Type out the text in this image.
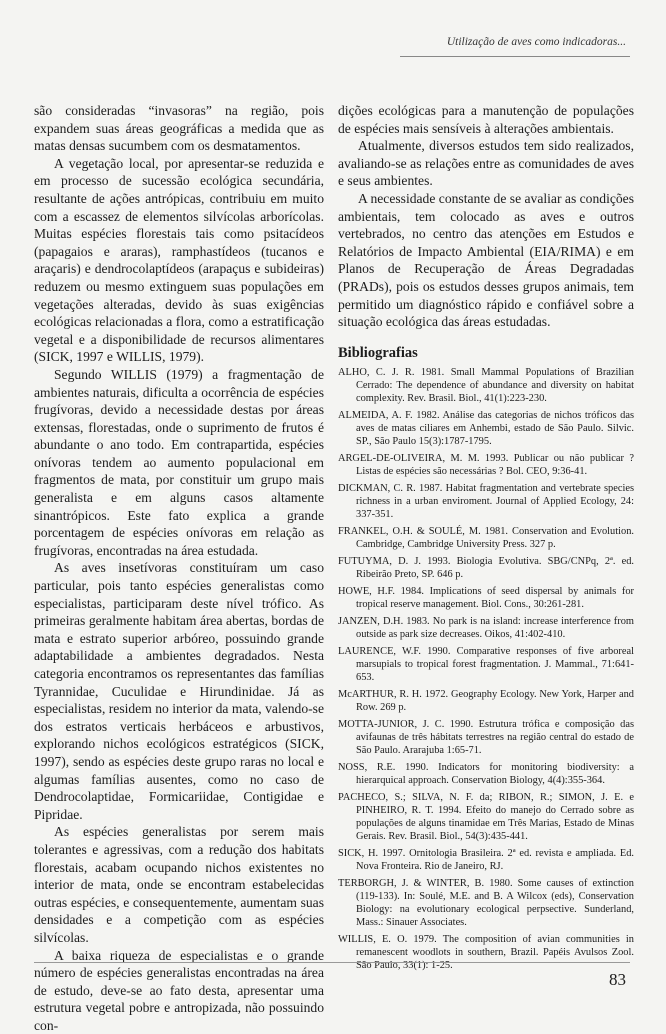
Utilização de aves como indicadoras...

são consideradas “invasoras” na região, pois expandem suas áreas geográficas a medida que as matas densas sucumbem com os desmatamentos.

A vegetação local, por apresentar-se reduzida e em processo de sucessão ecológica secundária, resultante de ações antrópicas, contribuiu em muito com a escassez de elementos silvícolas arborícolas. Muitas espécies florestais tais como psitacídeos (papagaios e araras), ramphastídeos (tucanos e araçaris) e dendrocolaptídeos (arapaçus e subideiras) reduzem ou mesmo extinguem suas populações em vegetações alteradas, devido às suas exigências ecológicas relacionadas a flora, como a estratificação vegetal e a disponibilidade de recursos alimentares (SICK, 1997 e WILLIS, 1979).

Segundo WILLIS (1979) a fragmentação de ambientes naturais, dificulta a ocorrência de espécies frugívoras, devido a necessidade destas por áreas extensas, florestadas, onde o suprimento de frutos é abundante o ano todo. Em contrapartida, espécies onívoras tendem ao aumento populacional em fragmentos de mata, por constituir um grupo mais generalista e em alguns casos altamente sinantrópicos. Este fato explica a grande porcentagem de espécies onívoras em relação as frugívoras, encontradas na área estudada.

As aves insetívoras constituíram um caso particular, pois tanto espécies generalistas como especialistas, participaram deste nível trófico. As primeiras geralmente habitam área abertas, bordas de mata e estrato superior arbóreo, possuindo grande adaptabilidade a ambientes degradados. Nesta categoria encontramos os representantes das famílias Tyrannidae, Cuculidae e Hirundinidae. Já as especialistas, residem no interior da mata, valendo-se dos estratos verticais herbáceos e arbustivos, explorando nichos ecológicos estratégicos (SICK, 1997), sendo as espécies deste grupo raras no local e algumas famílias ausentes, como no caso de Dendrocolaptidae, Formicariidae, Contigidae e Pipridae.

As espécies generalistas por serem mais tolerantes e agressivas, com a redução dos habitats florestais, acabam ocupando nichos existentes no interior de mata, onde se encontram estabelecidas outras espécies, e consequentemente, aumentam suas densidades e a competição com as espécies silvícolas.

A baixa riqueza de especialistas e o grande número de espécies generalistas encontradas na área de estudo, deve-se ao fato desta, apresentar uma estrutura vegetal pobre e antropizada, não possuindo con-

dições ecológicas para a manutenção de populações de espécies mais sensíveis à alterações ambientais.

Atualmente, diversos estudos tem sido realizados, avaliando-se as relações entre as comunidades de aves e seus ambientes.

A necessidade constante de se avaliar as condições ambientais, tem colocado as aves e outros vertebrados, no centro das atenções em Estudos e Relatórios de Impacto Ambiental (EIA/RIMA) e em Planos de Recuperação de Áreas Degradadas (PRADs), pois os estudos desses grupos animais, tem permitido um diagnóstico rápido e confiável sobre a situação ecológica das áreas estudadas.

Bibliografias
ALHO, C. J. R. 1981. Small Mammal Populations of Brazilian Cerrado: The dependence of abundance and diversity on habitat complexity. Rev. Brasil. Biol., 41(1):223-230.
ALMEIDA, A. F. 1982. Análise das categorias de nichos tróficos das aves de matas ciliares em Anhembi, estado de São Paulo. Silvic. SP., São Paulo 15(3):1787-1795.
ARGEL-DE-OLIVEIRA, M. M. 1993. Publicar ou não publicar ? Listas de espécies são necessárias ? Bol. CEO, 9:36-41.
DICKMAN, C. R. 1987. Habitat fragmentation and vertebrate species richness in a urban enviroment. Journal of Applied Ecology, 24: 337-351.
FRANKEL, O.H. & SOULÉ, M. 1981. Conservation and Evolution. Cambridge, Cambridge University Press. 327 p.
FUTUYMA, D. J. 1993. Biologia Evolutiva. SBG/CNPq, 2ª. ed. Ribeirão Preto, SP. 646 p.
HOWE, H.F. 1984. Implications of seed dispersal by animals for tropical reserve management. Biol. Cons., 30:261-281.
JANZEN, D.H. 1983. No park is na island: increase interference from outside as park size decreases. Oikos, 41:402-410.
LAURENCE, W.F. 1990. Comparative responses of five arboreal marsupials to tropical forest fragmentation. J. Mammal., 71:641-653.
McARTHUR, R. H. 1972. Geography Ecology. New York, Harper and Row. 269 p.
MOTTA-JUNIOR, J. C. 1990. Estrutura trófica e composição das avifaunas de três hábitats terrestres na região central do estado de São Paulo. Ararajuba 1:65-71.
NOSS, R.E. 1990. Indicators for monitoring biodiversity: a hierarquical approach. Conservation Biology, 4(4):355-364.
PACHECO, S.; SILVA, N. F. da; RIBON, R.; SIMON, J. E. e PINHEIRO, R. T. 1994. Efeito do manejo do Cerrado sobre as populações de alguns tinamidae em Três Marias, Estado de Minas Gerais. Rev. Brasil. Biol., 54(3):435-441.
SICK, H. 1997. Ornitologia Brasileira. 2ª ed. revista e ampliada. Ed. Nova Fronteira. Rio de Janeiro, RJ.
TERBORGH, J. & WINTER, B. 1980. Some causes of extinction (119-133). In: Soulé, M.E. and B. A Wilcox (eds), Conservation Biology: na evolutionary ecological perpsective. Sunderland, Mass.: Sinauer Associates.
WILLIS, E. O. 1979. The composition of avian communities in remanescent woodlots in southern, Brazil. Papéis Avulsos Zool. São Paulo, 33(1): 1-25.
83
